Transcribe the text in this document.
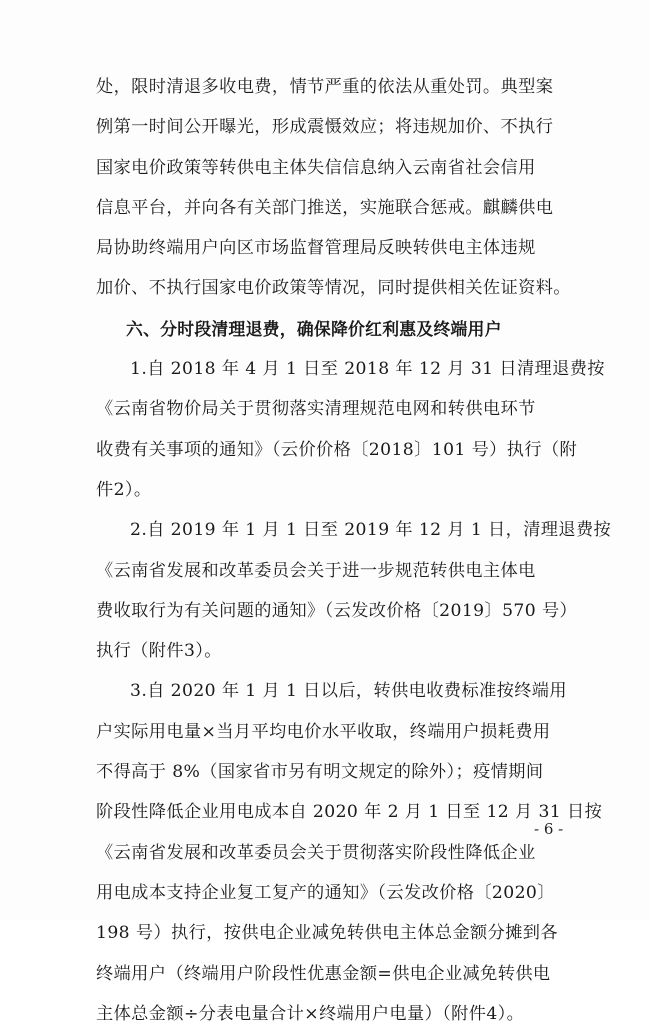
处，限时清退多收电费，情节严重的依法从重处罚。典型案
例第一时间公开曝光，形成震慑效应；将违规加价、不执行
国家电价政策等转供电主体失信信息纳入云南省社会信用
信息平台，并向各有关部门推送，实施联合惩戒。麒麟供电
局协助终端用户向区市场监督管理局反映转供电主体违规
加价、不执行国家电价政策等情况，同时提供相关佐证资料。
六、分时段清理退费，确保降价红利惠及终端用户
1.自 2018 年 4 月 1 日至 2018 年 12 月 31 日清理退费按
《云南省物价局关于贯彻落实清理规范电网和转供电环节
收费有关事项的通知》（云价价格〔2018〕101 号）执行（附
件2）。
2.自 2019 年 1 月 1 日至 2019 年 12 月 1 日，清理退费按
《云南省发展和改革委员会关于进一步规范转供电主体电
费收取行为有关问题的通知》（云发改价格〔2019〕570 号）
执行（附件3）。
3.自 2020 年 1 月 1 日以后，转供电收费标准按终端用
户实际用电量×当月平均电价水平收取，终端用户损耗费用
不得高于 8%（国家省市另有明文规定的除外）；疫情期间
阶段性降低企业用电成本自 2020 年 2 月 1 日至 12 月 31 日按
《云南省发展和改革委员会关于贯彻落实阶段性降低企业
用电成本支持企业复工复产的通知》（云发改价格〔2020〕
198 号）执行，按供电企业减免转供电主体总金额分摊到各
终端用户（终端用户阶段性优惠金额=供电企业减免转供电
主体总金额÷分表电量合计×终端用户电量）（附件4）。
- 6 -
